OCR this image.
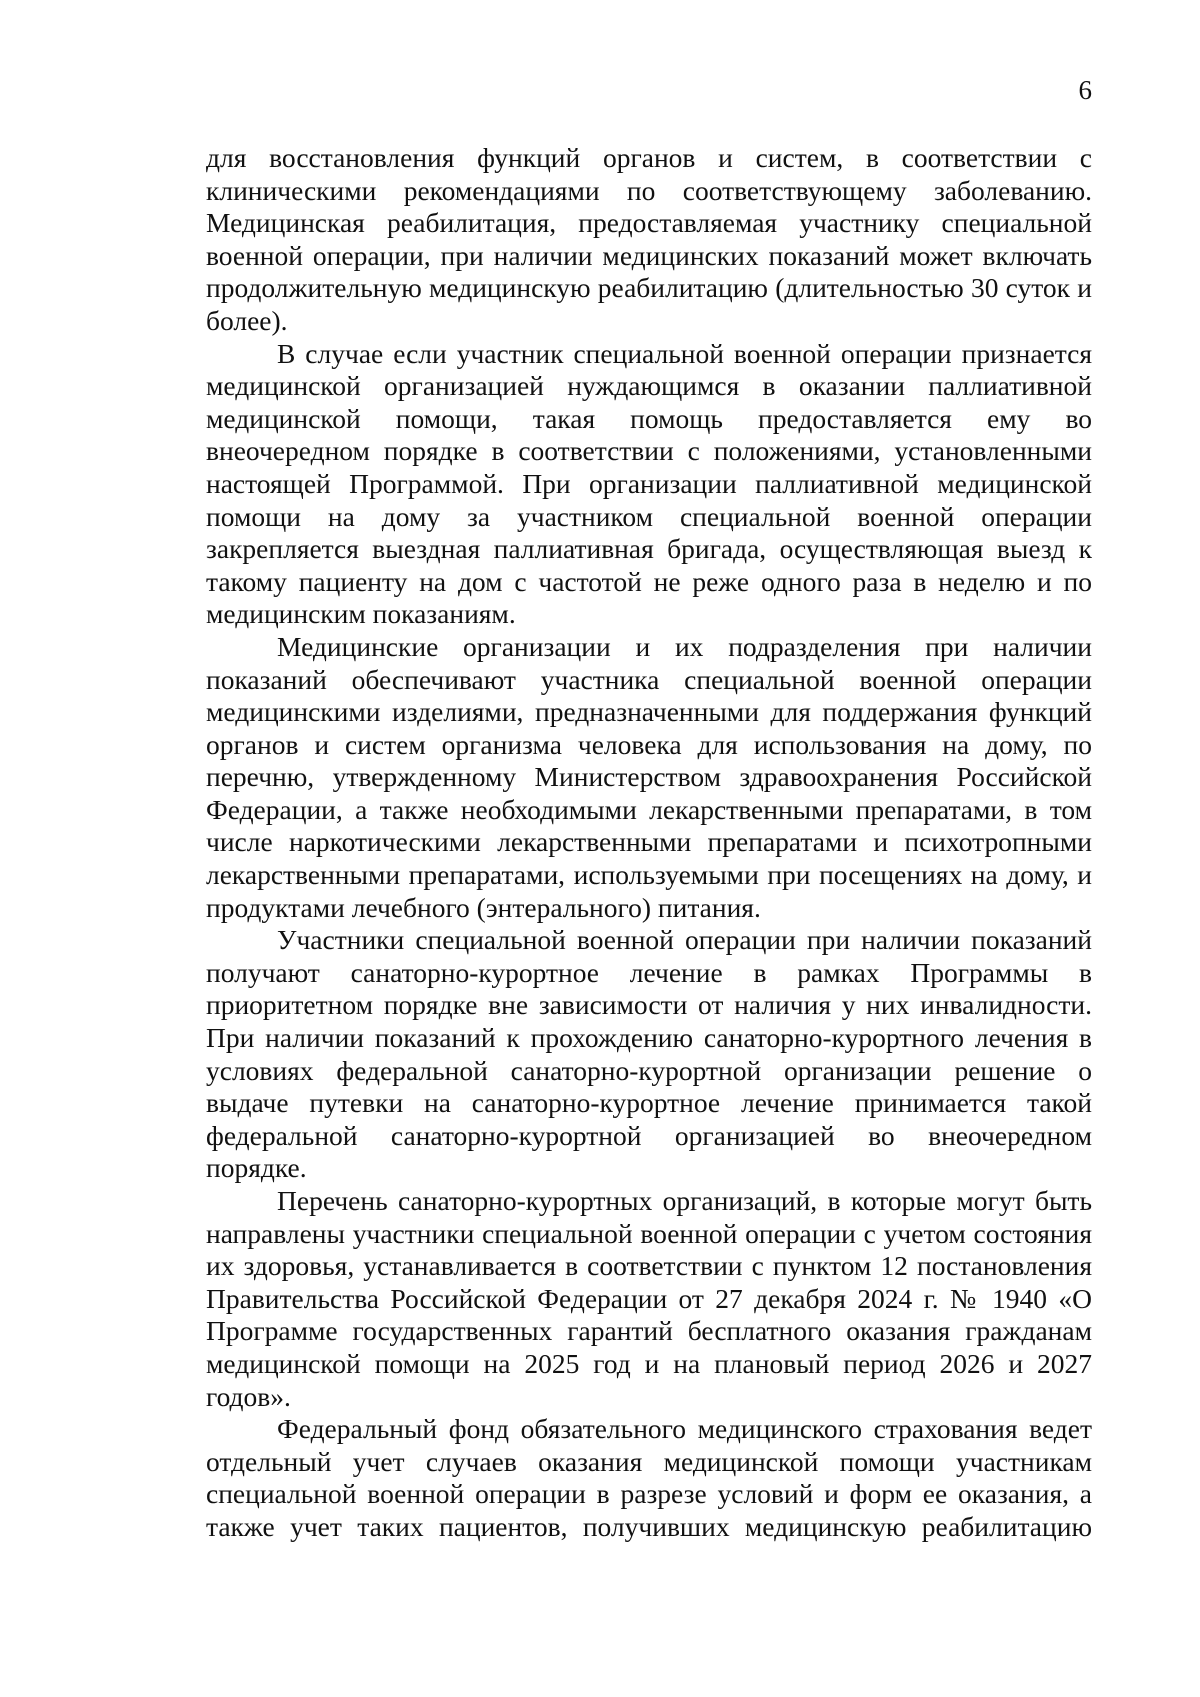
6

для восстановления функций органов и систем, в соответствии с клиническими рекомендациями по соответствующему заболеванию. Медицинская реабилитация, предоставляемая участнику специальной военной операции, при наличии медицинских показаний может включать продолжительную медицинскую реабилитацию (длительностью 30 суток и более).

В случае если участник специальной военной операции признается медицинской организацией нуждающимся в оказании паллиативной медицинской помощи, такая помощь предоставляется ему во внеочередном порядке в соответствии с положениями, установленными настоящей Программой. При организации паллиативной медицинской помощи на дому за участником специальной военной операции закрепляется выездная паллиативная бригада, осуществляющая выезд к такому пациенту на дом с частотой не реже одного раза в неделю и по медицинским показаниям.

Медицинские организации и их подразделения при наличии показаний обеспечивают участника специальной военной операции медицинскими изделиями, предназначенными для поддержания функций органов и систем организма человека для использования на дому, по перечню, утвержденному Министерством здравоохранения Российской Федерации, а также необходимыми лекарственными препаратами, в том числе наркотическими лекарственными препаратами и психотропными лекарственными препаратами, используемыми при посещениях на дому, и продуктами лечебного (энтерального) питания.

Участники специальной военной операции при наличии показаний получают санаторно-курортное лечение в рамках Программы в приоритетном порядке вне зависимости от наличия у них инвалидности. При наличии показаний к прохождению санаторно-курортного лечения в условиях федеральной санаторно-курортной организации решение о выдаче путевки на санаторно-курортное лечение принимается такой федеральной санаторно-курортной организацией во внеочередном порядке.

Перечень санаторно-курортных организаций, в которые могут быть направлены участники специальной военной операции с учетом состояния их здоровья, устанавливается в соответствии с пунктом 12 постановления Правительства Российской Федерации от 27 декабря 2024 г. № 1940 «О Программе государственных гарантий бесплатного оказания гражданам медицинской помощи на 2025 год и на плановый период 2026 и 2027 годов».

Федеральный фонд обязательного медицинского страхования ведет отдельный учет случаев оказания медицинской помощи участникам специальной военной операции в разрезе условий и форм ее оказания, а также учет таких пациентов, получивших медицинскую реабилитацию
